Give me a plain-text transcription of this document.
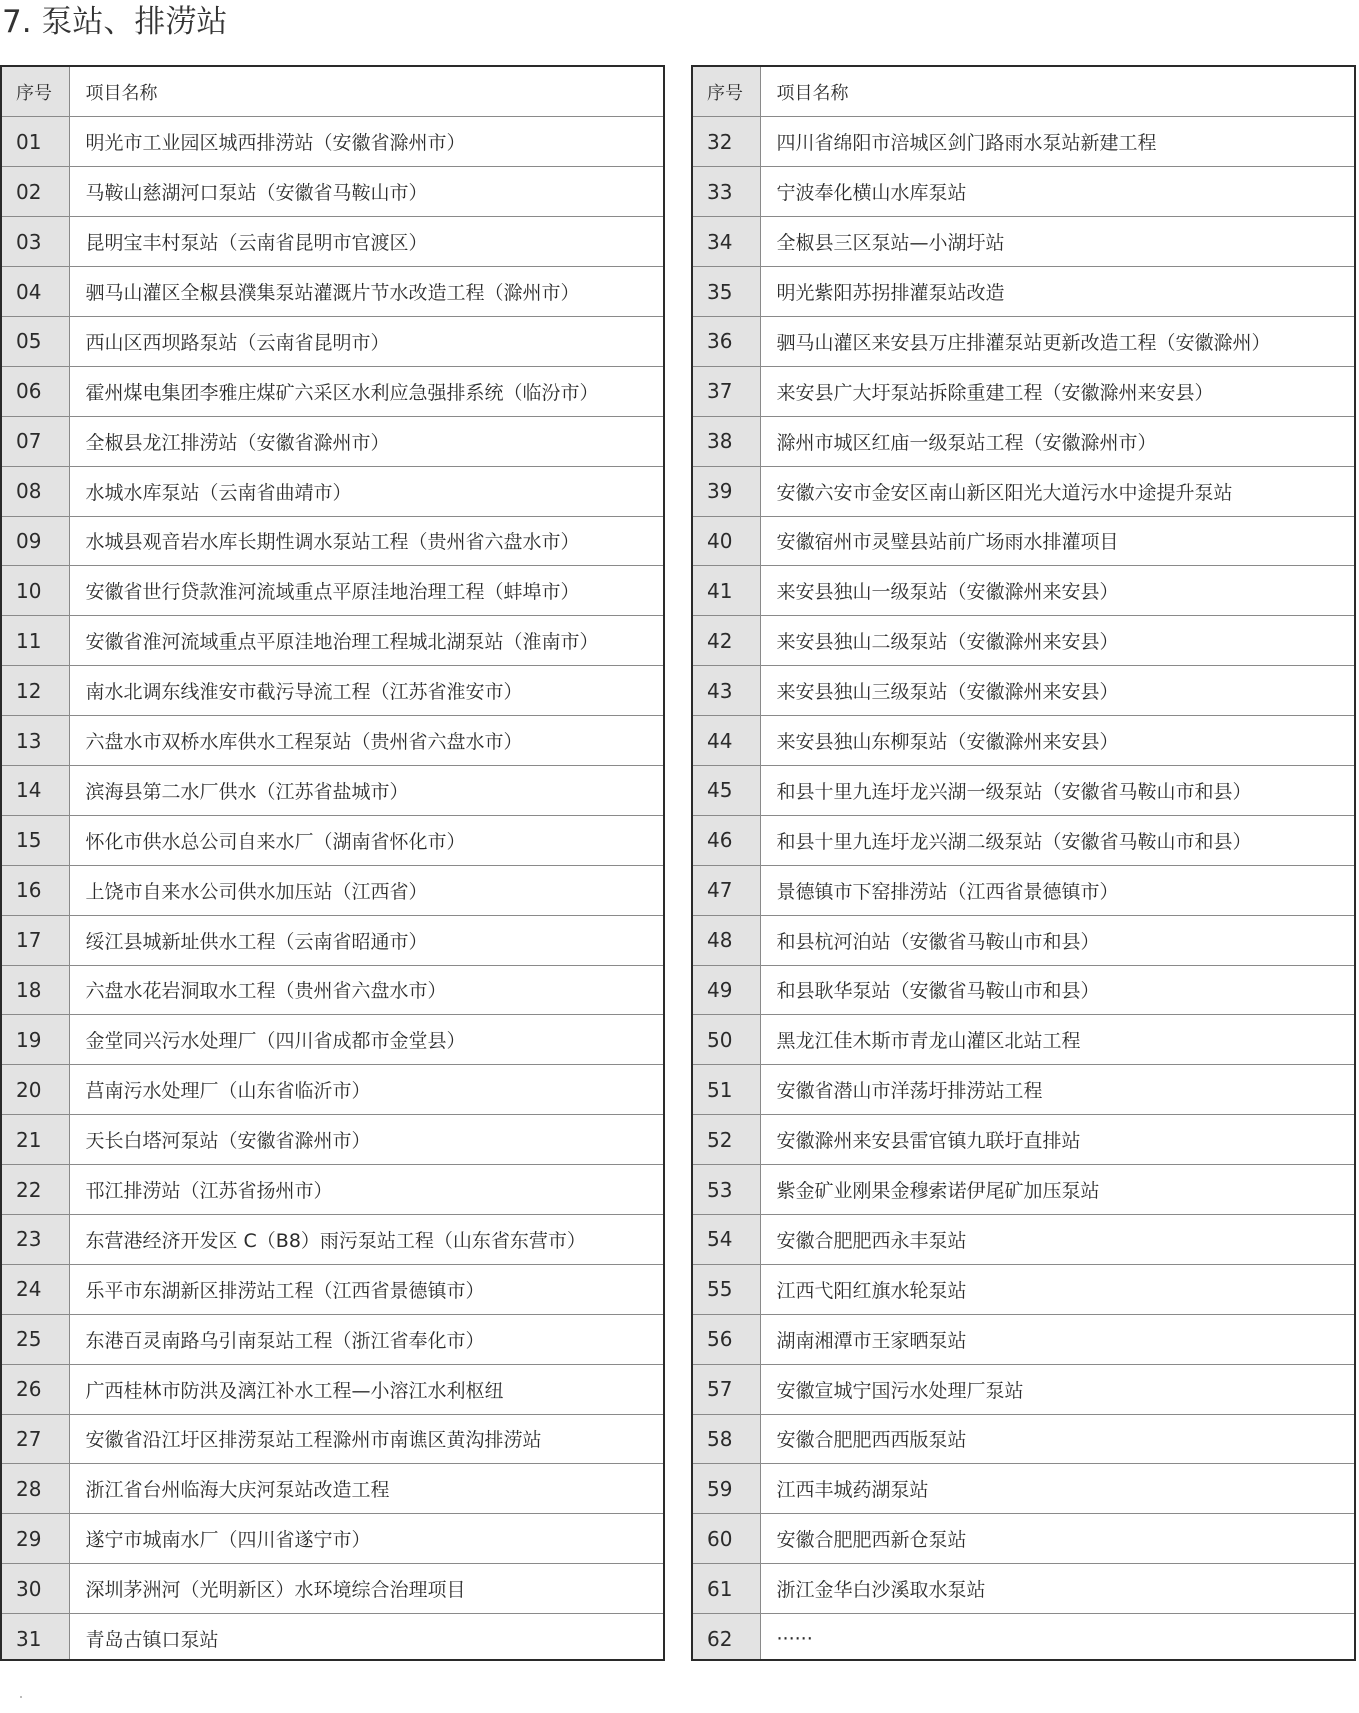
7. 泵站、排涝站
序号	项目名称
01	明光市工业园区城西排涝站（安徽省滁州市）
02	马鞍山慈湖河口泵站（安徽省马鞍山市）
03	昆明宝丰村泵站（云南省昆明市官渡区）
04	驷马山灌区全椒县濮集泵站灌溉片节水改造工程（滁州市）
05	西山区西坝路泵站（云南省昆明市）
06	霍州煤电集团李雅庄煤矿六采区水利应急强排系统（临汾市）
07	全椒县龙江排涝站（安徽省滁州市）
08	水城水库泵站（云南省曲靖市）
09	水城县观音岩水库长期性调水泵站工程（贵州省六盘水市）
10	安徽省世行贷款淮河流域重点平原洼地治理工程（蚌埠市）
11	安徽省淮河流域重点平原洼地治理工程城北湖泵站（淮南市）
12	南水北调东线淮安市截污导流工程（江苏省淮安市）
13	六盘水市双桥水库供水工程泵站（贵州省六盘水市）
14	滨海县第二水厂供水（江苏省盐城市）
15	怀化市供水总公司自来水厂（湖南省怀化市）
16	上饶市自来水公司供水加压站（江西省）
17	绥江县城新址供水工程（云南省昭通市）
18	六盘水花岩洞取水工程（贵州省六盘水市）
19	金堂同兴污水处理厂（四川省成都市金堂县）
20	莒南污水处理厂（山东省临沂市）
21	天长白塔河泵站（安徽省滁州市）
22	邗江排涝站（江苏省扬州市）
23	东营港经济开发区 C（B8）雨污泵站工程（山东省东营市）
24	乐平市东湖新区排涝站工程（江西省景德镇市）
25	东港百灵南路乌引南泵站工程（浙江省奉化市）
26	广西桂林市防洪及漓江补水工程—小溶江水利枢纽
27	安徽省沿江圩区排涝泵站工程滁州市南谯区黄沟排涝站
28	浙江省台州临海大庆河泵站改造工程
29	遂宁市城南水厂（四川省遂宁市）
30	深圳茅洲河（光明新区）水环境综合治理项目
31	青岛古镇口泵站
序号	项目名称
32	四川省绵阳市涪城区剑门路雨水泵站新建工程
33	宁波奉化横山水库泵站
34	全椒县三区泵站—小湖圩站
35	明光紫阳苏拐排灌泵站改造
36	驷马山灌区来安县万庄排灌泵站更新改造工程（安徽滁州）
37	来安县广大圩泵站拆除重建工程（安徽滁州来安县）
38	滁州市城区红庙一级泵站工程（安徽滁州市）
39	安徽六安市金安区南山新区阳光大道污水中途提升泵站
40	安徽宿州市灵璧县站前广场雨水排灌项目
41	来安县独山一级泵站（安徽滁州来安县）
42	来安县独山二级泵站（安徽滁州来安县）
43	来安县独山三级泵站（安徽滁州来安县）
44	来安县独山东柳泵站（安徽滁州来安县）
45	和县十里九连圩龙兴湖一级泵站（安徽省马鞍山市和县）
46	和县十里九连圩龙兴湖二级泵站（安徽省马鞍山市和县）
47	景德镇市下窑排涝站（江西省景德镇市）
48	和县杭河泊站（安徽省马鞍山市和县）
49	和县耿华泵站（安徽省马鞍山市和县）
50	黑龙江佳木斯市青龙山灌区北站工程
51	安徽省潜山市洋荡圩排涝站工程
52	安徽滁州来安县雷官镇九联圩直排站
53	紫金矿业刚果金穆索诺伊尾矿加压泵站
54	安徽合肥肥西永丰泵站
55	江西弋阳红旗水轮泵站
56	湖南湘潭市王家晒泵站
57	安徽宣城宁国污水处理厂泵站
58	安徽合肥肥西西版泵站
59	江西丰城药湖泵站
60	安徽合肥肥西新仓泵站
61	浙江金华白沙溪取水泵站
62	······
